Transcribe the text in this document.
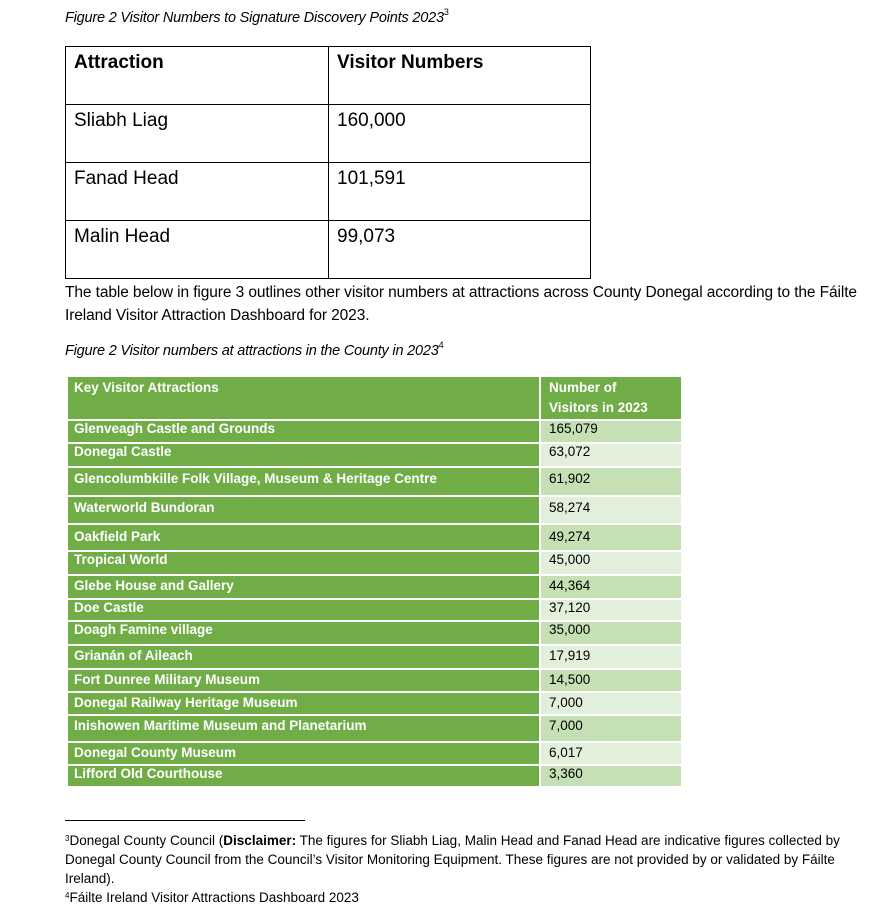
Figure 2 Visitor Numbers to Signature Discovery Points 2023$^3$
Attraction	Visitor Numbers
Sliabh Liag	160,000
Fanad Head	101,591
Malin Head	99,073
The table below in figure 3 outlines other visitor numbers at attractions across County Donegal according to the Fáilte Ireland Visitor Attraction Dashboard for 2023.
Figure 2 Visitor numbers at attractions in the County in 2023$^4$
Key Visitor Attractions	Number of Visitors in 2023
Glenveagh Castle and Grounds	165,079
Donegal Castle	63,072
Glencolumbkille Folk Village, Museum & Heritage Centre	61,902
Waterworld Bundoran	58,274
Oakfield Park	49,274
Tropical World	45,000
Glebe House and Gallery	44,364
Doe Castle	37,120
Doagh Famine village	35,000
Grianán of Aileach	17,919
Fort Dunree Military Museum	14,500
Donegal Railway Heritage Museum	7,000
Inishowen Maritime Museum and Planetarium	7,000
Donegal County Museum	6,017
Lifford Old Courthouse	3,360
$^3$Donegal County Council (Disclaimer: The figures for Sliabh Liag, Malin Head and Fanad Head are indicative figures collected by Donegal County Council from the Council’s Visitor Monitoring Equipment. These figures are not provided by or validated by Fáilte Ireland).
$^4$Fáilte Ireland Visitor Attractions Dashboard 2023
